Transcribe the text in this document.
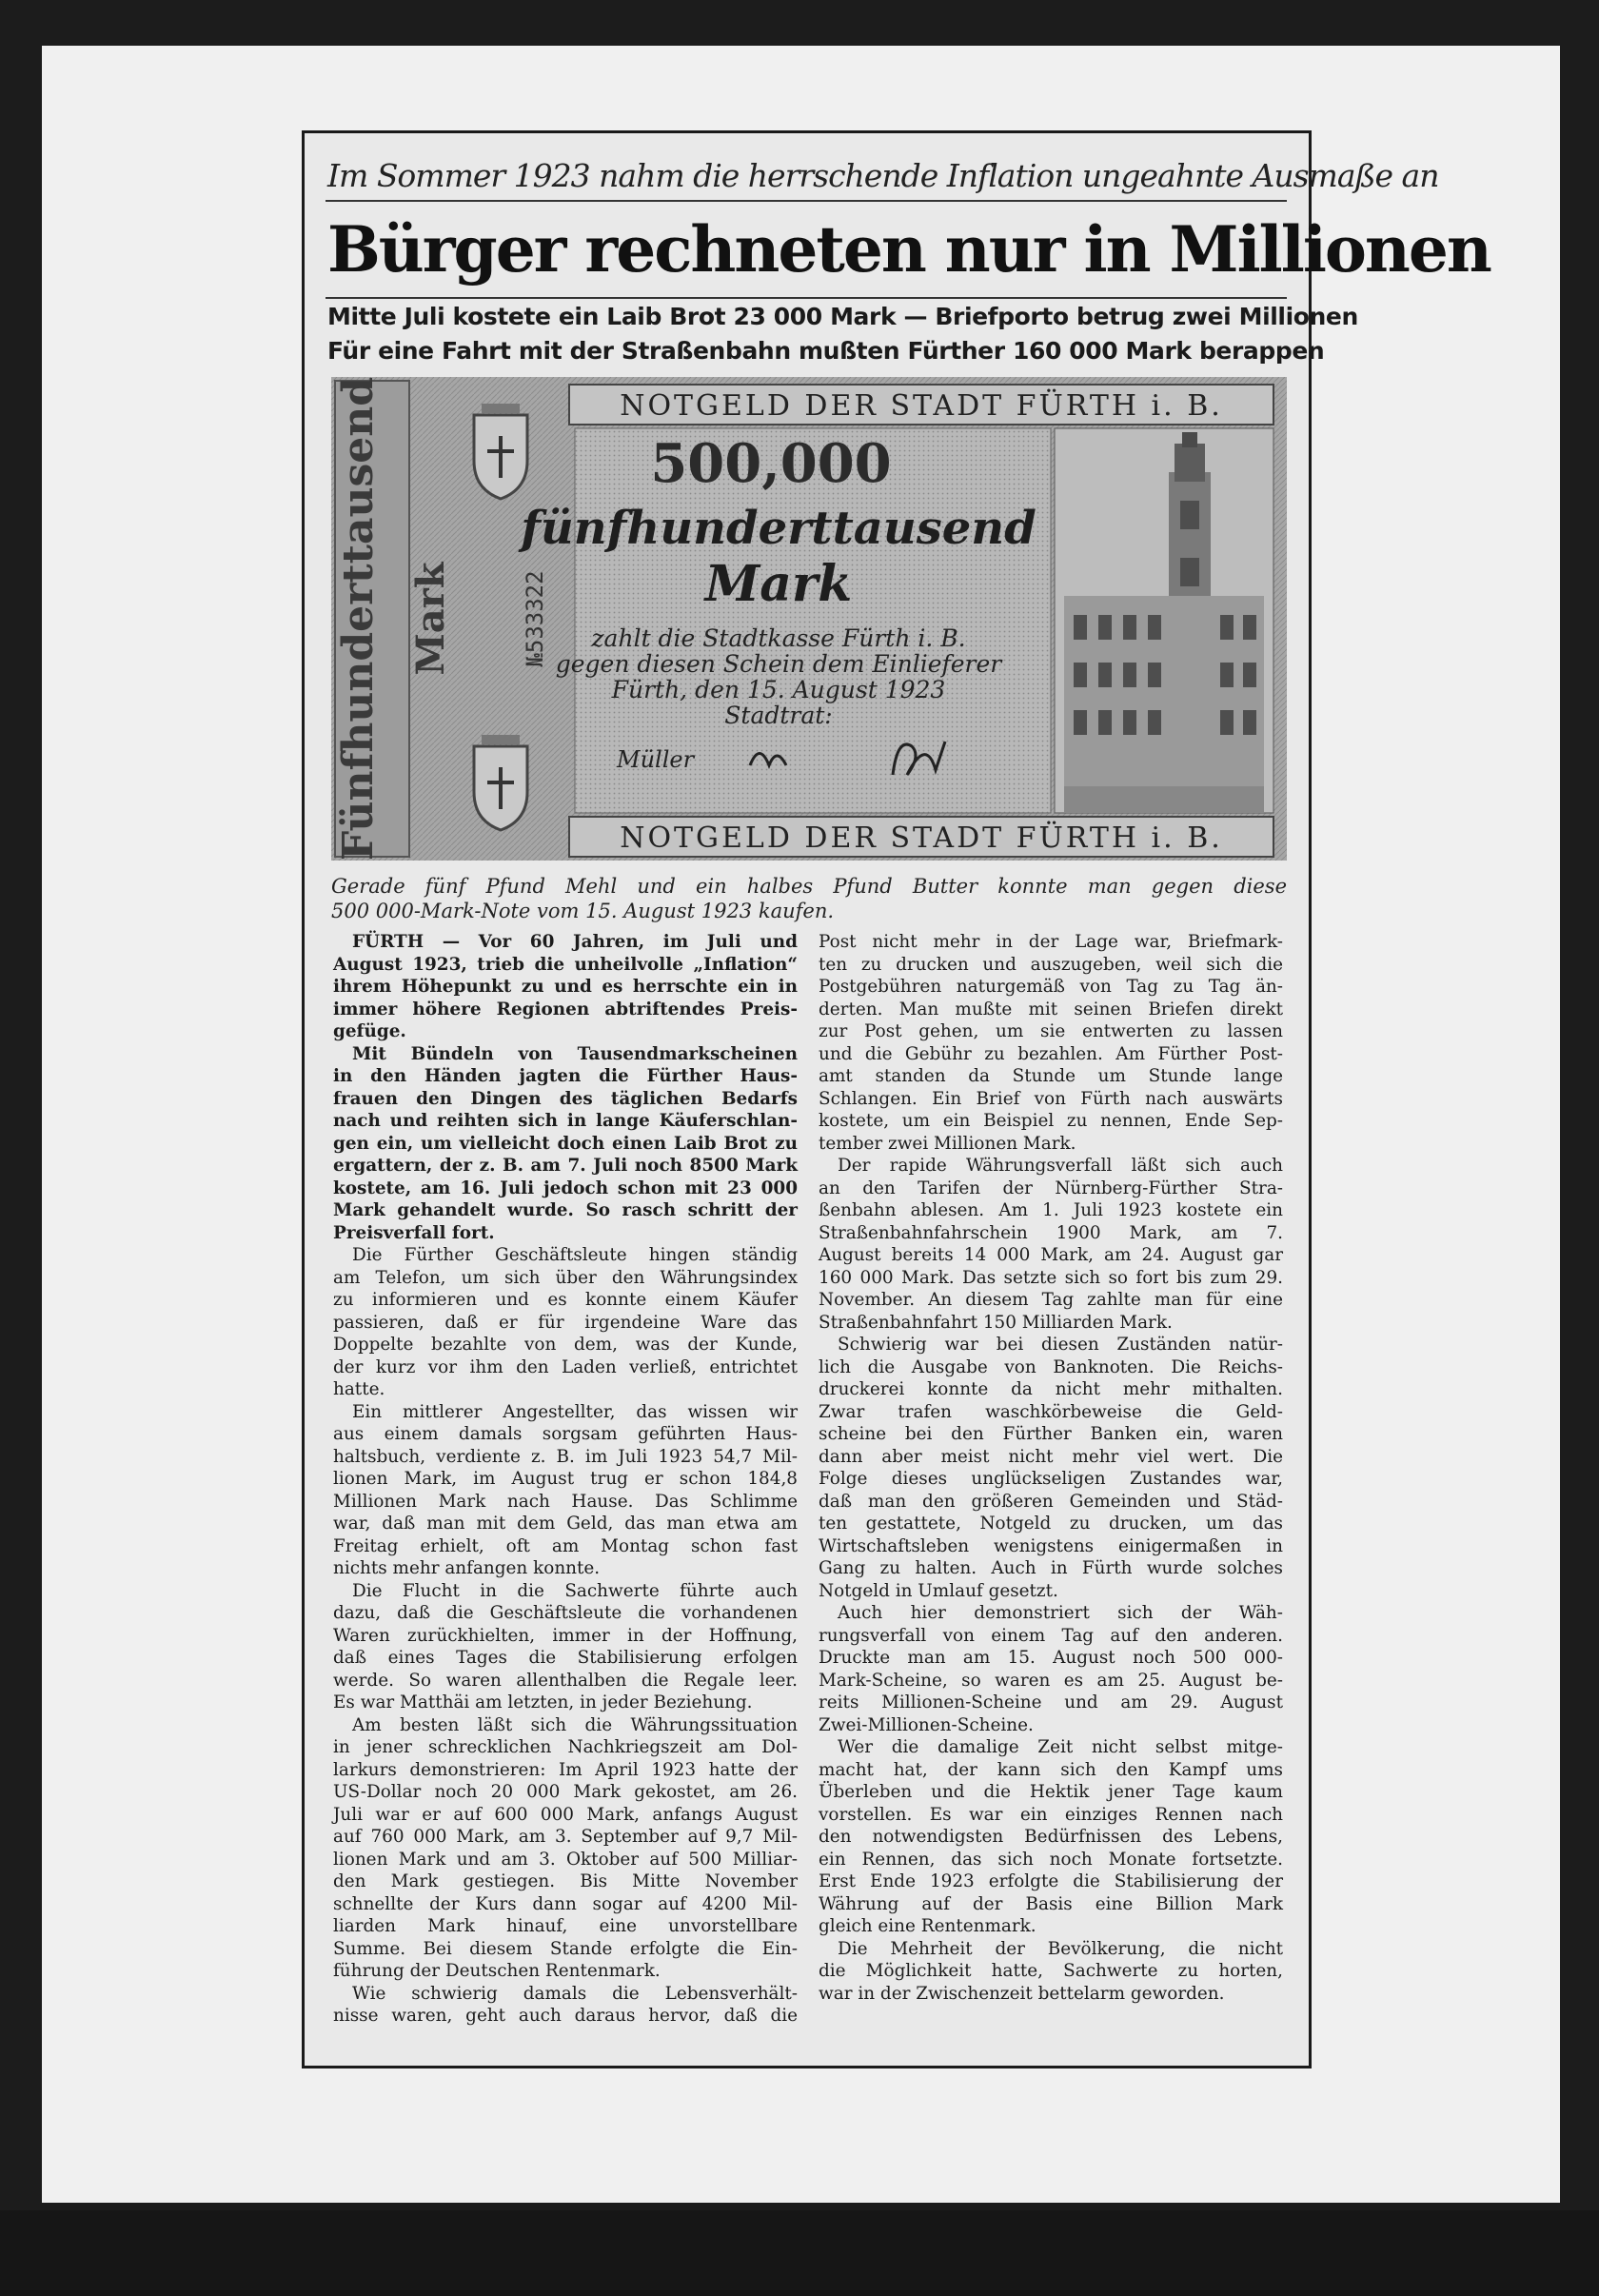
Im Sommer 1923 nahm die herrschende Inflation ungeahnte Ausmaße an
Bürger rechneten nur in Millionen
Mitte Juli kostete ein Laib Brot 23 000 Mark — Briefporto betrug zwei Millionen
Für eine Fahrt mit der Straßenbahn mußten Fürther 160 000 Mark berappen
Fünfhunderttausend Mark	№533322
NOTGELD DER STADT FÜRTH i. B.
NOTGELD DER STADT FÜRTH i. B.
500,000
fünfhunderttausend
Mark
zahlt die Stadtkasse Fürth i. B.
gegen diesen Schein dem Einlieferer
Fürth, den 15. August 1923
Stadtrat:
Müller
Gerade fünf Pfund Mehl und ein halbes Pfund Butter konnte man gegen diese
500 000-Mark-Note vom 15. August 1923 kaufen.
FÜRTH — Vor 60 Jahren, im Juli und
August 1923, trieb die unheilvolle „Inflation“
ihrem Höhepunkt zu und es herrschte ein in
immer höhere Regionen abtriftendes Preis-
gefüge.
Mit Bündeln von Tausendmarkscheinen
in den Händen jagten die Fürther Haus-
frauen den Dingen des täglichen Bedarfs
nach und reihten sich in lange Käuferschlan-
gen ein, um vielleicht doch einen Laib Brot zu
ergattern, der z. B. am 7. Juli noch 8500 Mark
kostete, am 16. Juli jedoch schon mit 23 000
Mark gehandelt wurde. So rasch schritt der
Preisverfall fort.
Die Fürther Geschäftsleute hingen ständig
am Telefon, um sich über den Währungsindex
zu informieren und es konnte einem Käufer
passieren, daß er für irgendeine Ware das
Doppelte bezahlte von dem, was der Kunde,
der kurz vor ihm den Laden verließ, entrichtet
hatte.
Ein mittlerer Angestellter, das wissen wir
aus einem damals sorgsam geführten Haus-
haltsbuch, verdiente z. B. im Juli 1923 54,7 Mil-
lionen Mark, im August trug er schon 184,8
Millionen Mark nach Hause. Das Schlimme
war, daß man mit dem Geld, das man etwa am
Freitag erhielt, oft am Montag schon fast
nichts mehr anfangen konnte.
Die Flucht in die Sachwerte führte auch
dazu, daß die Geschäftsleute die vorhandenen
Waren zurückhielten, immer in der Hoffnung,
daß eines Tages die Stabilisierung erfolgen
werde. So waren allenthalben die Regale leer.
Es war Matthäi am letzten, in jeder Beziehung.
Am besten läßt sich die Währungssituation
in jener schrecklichen Nachkriegszeit am Dol-
larkurs demonstrieren: Im April 1923 hatte der
US-Dollar noch 20 000 Mark gekostet, am 26.
Juli war er auf 600 000 Mark, anfangs August
auf 760 000 Mark, am 3. September auf 9,7 Mil-
lionen Mark und am 3. Oktober auf 500 Milliar-
den Mark gestiegen. Bis Mitte November
schnellte der Kurs dann sogar auf 4200 Mil-
liarden Mark hinauf, eine unvorstellbare
Summe. Bei diesem Stande erfolgte die Ein-
führung der Deutschen Rentenmark.
Wie schwierig damals die Lebensverhält-
nisse waren, geht auch daraus hervor, daß die
Post nicht mehr in der Lage war, Briefmark-
ten zu drucken und auszugeben, weil sich die
Postgebühren naturgemäß von Tag zu Tag än-
derten. Man mußte mit seinen Briefen direkt
zur Post gehen, um sie entwerten zu lassen
und die Gebühr zu bezahlen. Am Fürther Post-
amt standen da Stunde um Stunde lange
Schlangen. Ein Brief von Fürth nach auswärts
kostete, um ein Beispiel zu nennen, Ende Sep-
tember zwei Millionen Mark.
Der rapide Währungsverfall läßt sich auch
an den Tarifen der Nürnberg-Fürther Stra-
ßenbahn ablesen. Am 1. Juli 1923 kostete ein
Straßenbahnfahrschein 1900 Mark, am 7.
August bereits 14 000 Mark, am 24. August gar
160 000 Mark. Das setzte sich so fort bis zum 29.
November. An diesem Tag zahlte man für eine
Straßenbahnfahrt 150 Milliarden Mark.
Schwierig war bei diesen Zuständen natür-
lich die Ausgabe von Banknoten. Die Reichs-
druckerei konnte da nicht mehr mithalten.
Zwar trafen waschkörbeweise die Geld-
scheine bei den Fürther Banken ein, waren
dann aber meist nicht mehr viel wert. Die
Folge dieses unglückseligen Zustandes war,
daß man den größeren Gemeinden und Städ-
ten gestattete, Notgeld zu drucken, um das
Wirtschaftsleben wenigstens einigermaßen in
Gang zu halten. Auch in Fürth wurde solches
Notgeld in Umlauf gesetzt.
Auch hier demonstriert sich der Wäh-
rungsverfall von einem Tag auf den anderen.
Druckte man am 15. August noch 500 000-
Mark-Scheine, so waren es am 25. August be-
reits Millionen-Scheine und am 29. August
Zwei-Millionen-Scheine.
Wer die damalige Zeit nicht selbst mitge-
macht hat, der kann sich den Kampf ums
Überleben und die Hektik jener Tage kaum
vorstellen. Es war ein einziges Rennen nach
den notwendigsten Bedürfnissen des Lebens,
ein Rennen, das sich noch Monate fortsetzte.
Erst Ende 1923 erfolgte die Stabilisierung der
Währung auf der Basis eine Billion Mark
gleich eine Rentenmark.
Die Mehrheit der Bevölkerung, die nicht
die Möglichkeit hatte, Sachwerte zu horten,
war in der Zwischenzeit bettelarm geworden.
